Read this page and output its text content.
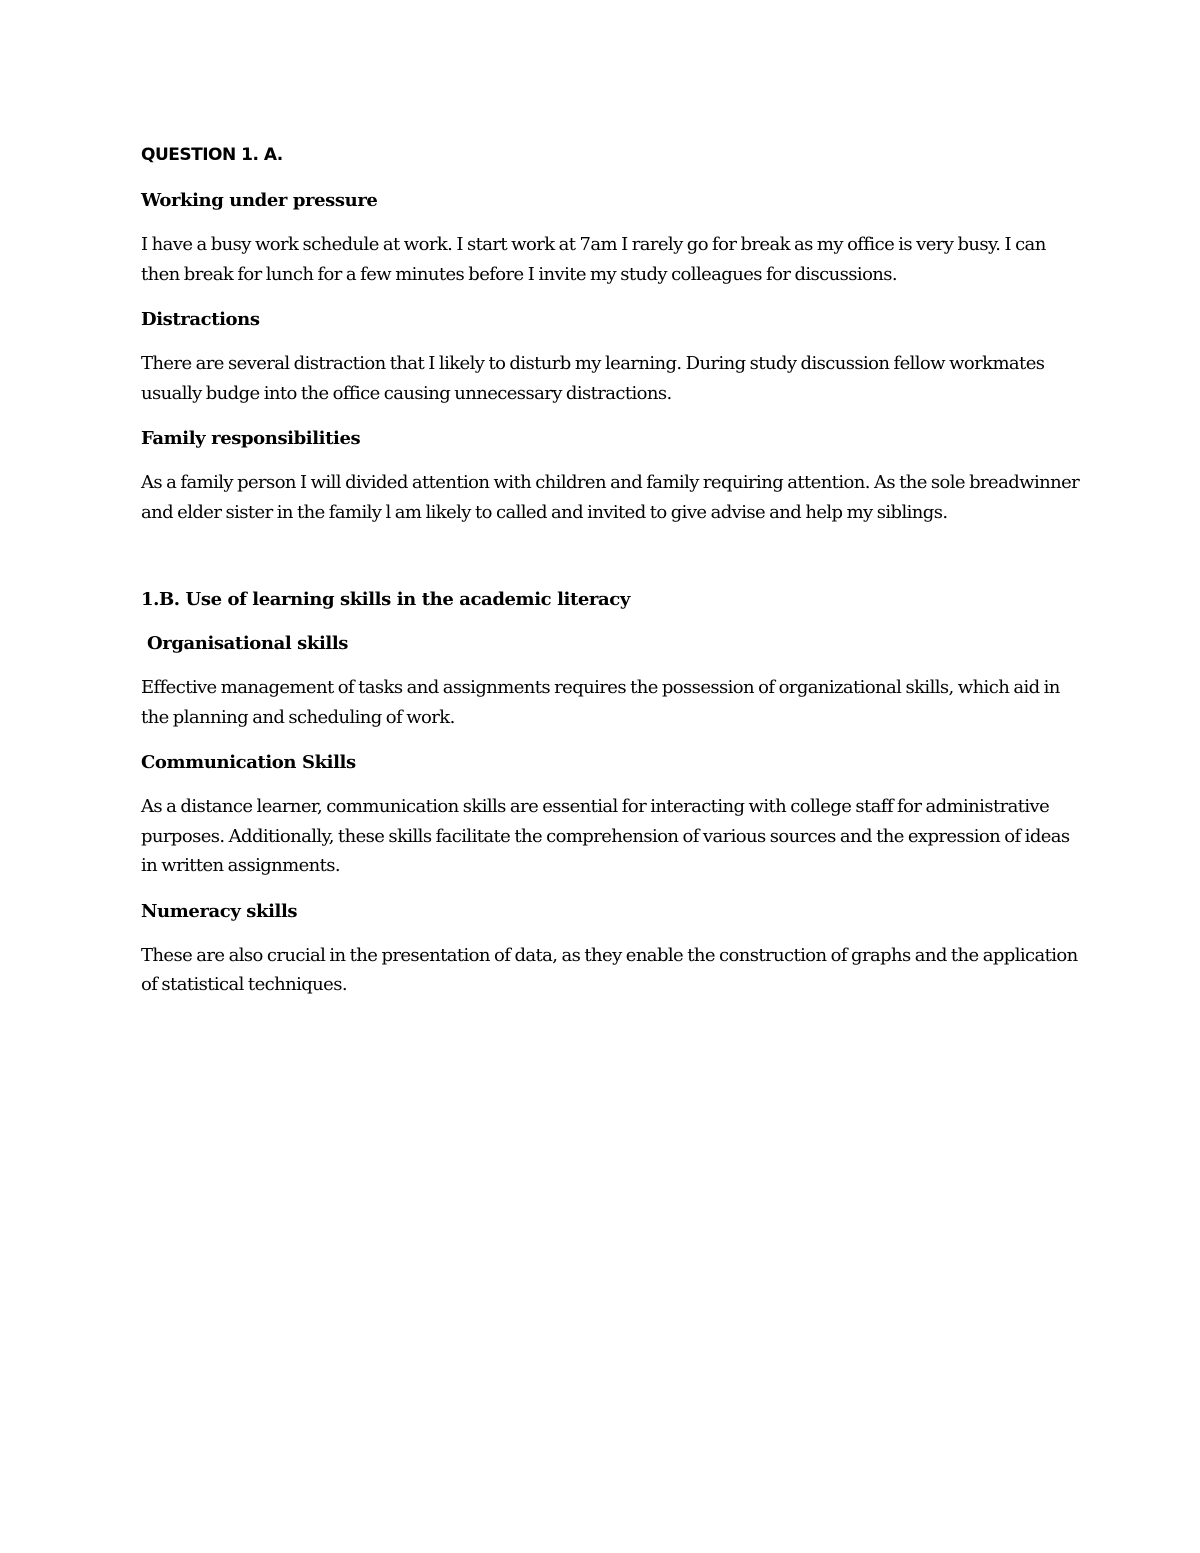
QUESTION 1. A.
Working under pressure
I have a busy work schedule at work. I start work at 7am I rarely go for break as my office is very busy. I can then break for lunch for a few minutes before I invite my study colleagues for discussions.
Distractions
There are several distraction that I likely to disturb my learning. During study discussion fellow workmates usually budge into the office causing unnecessary distractions.
Family responsibilities
As a family person I will divided attention with children and family requiring attention. As the sole breadwinner and elder sister in the family l am likely to called and invited to give advise and help my siblings.
1.B. Use of learning skills in the academic literacy
Organisational skills
Effective management of tasks and assignments requires the possession of organizational skills, which aid in the planning and scheduling of work.
Communication Skills
As a distance learner, communication skills are essential for interacting with college staff for administrative purposes. Additionally, these skills facilitate the comprehension of various sources and the expression of ideas in written assignments.
Numeracy skills
These are also crucial in the presentation of data, as they enable the construction of graphs and the application of statistical techniques.
